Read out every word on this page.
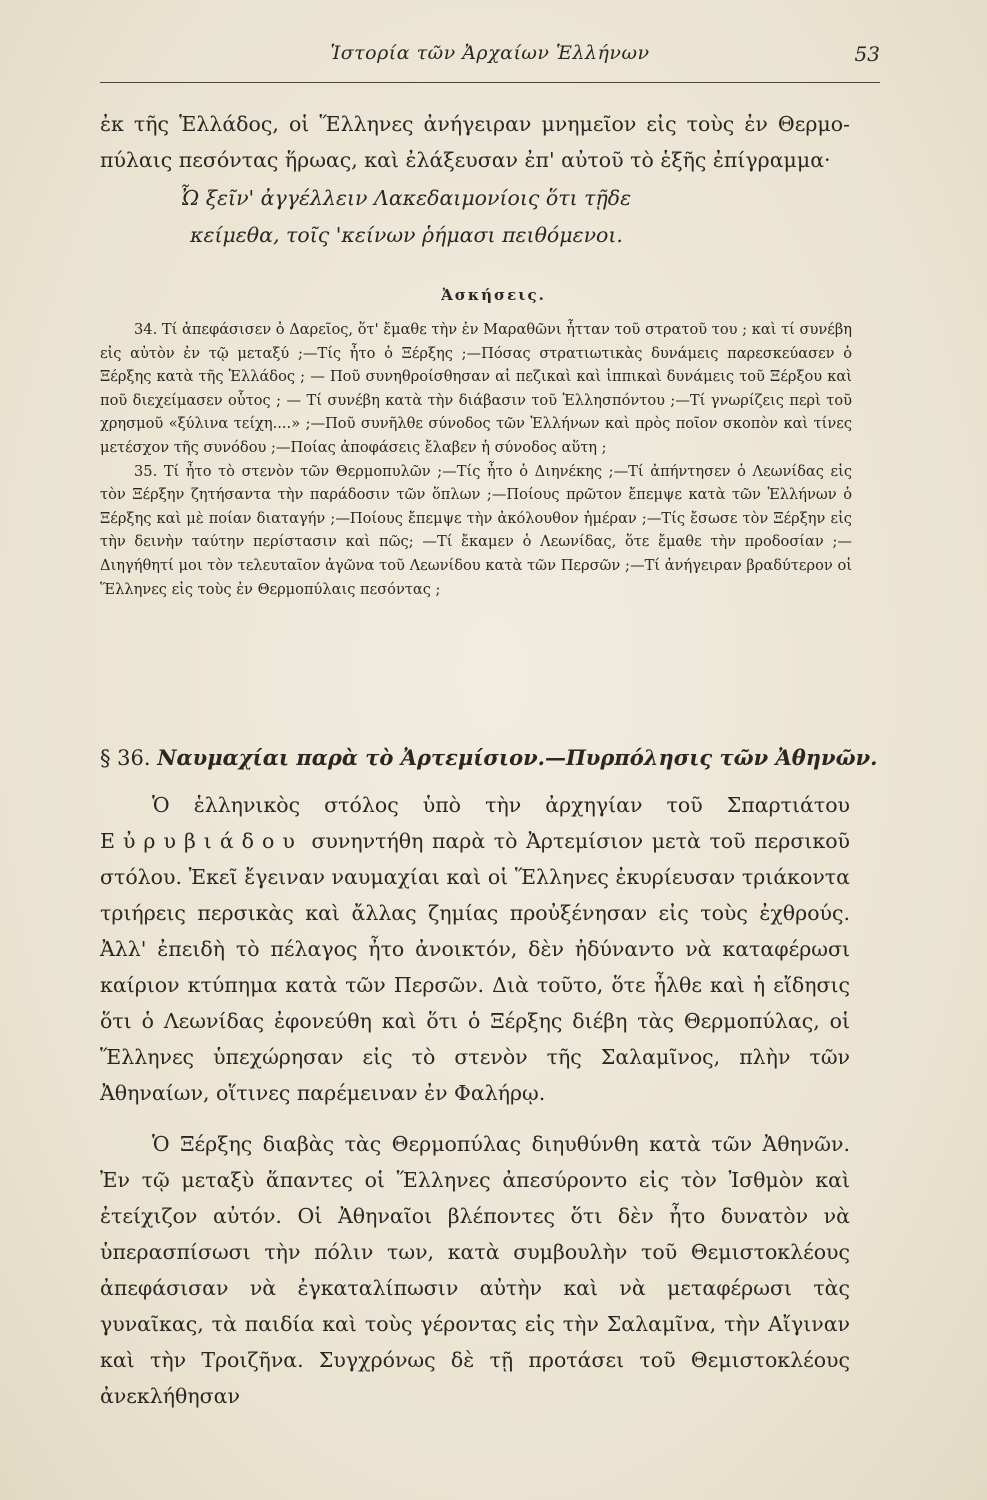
Ἱστορία τῶν Ἀρχαίων Ἑλλήνων	53

ἐκ τῆς Ἑλλάδος, οἱ Ἕλληνες ἀνήγειραν μνημεῖον εἰς τοὺς ἐν Θερμο-πύλαις πεσόντας ἥρωας, καὶ ἐλάξευσαν ἐπ' αὐτοῦ τὸ ἑξῆς ἐπίγραμμα·

Ὦ ξεῖν' ἀγγέλλειν Λακεδαιμονίοις ὅτι τῇδε
κείμεθα, τοῖς 'κείνων ῥήμασι πειθόμενοι.
Ἀσκήσεις.

34. Τί ἀπεφάσισεν ὁ Δαρεῖος, ὅτ' ἔμαθε τὴν ἐν Μαραθῶνι ἧτταν τοῦ στρατοῦ του ; καὶ τί συνέβη εἰς αὐτὸν ἐν τῷ μεταξύ ;—Τίς ἦτο ὁ Ξέρξης ;—Πόσας στρατιωτικὰς δυνάμεις παρεσκεύασεν ὁ Ξέρξης κατὰ τῆς Ἑλλάδος ; — Ποῦ συνηθροίσθησαν αἱ πεζικαὶ καὶ ἱππικαὶ δυνάμεις τοῦ Ξέρξου καὶ ποῦ διεχείμασεν οὗτος ; — Τί συνέβη κατὰ τὴν διάβασιν τοῦ Ἑλλησπόντου ;—Τί γνωρίζεις περὶ τοῦ χρησμοῦ «ξύλινα τείχη....» ;—Ποῦ συνῆλθε σύνοδος τῶν Ἑλλήνων καὶ πρὸς ποῖον σκοπὸν καὶ τίνες μετέσχον τῆς συνόδου ;—Ποίας ἀποφάσεις ἔλαβεν ἡ σύνοδος αὕτη ;

35. Τί ἦτο τὸ στενὸν τῶν Θερμοπυλῶν ;—Τίς ἦτο ὁ Διηνέκης ;—Τί ἀπήντησεν ὁ Λεωνίδας εἰς τὸν Ξέρξην ζητήσαντα τὴν παράδοσιν τῶν ὅπλων ;—Ποίους πρῶτον ἔπεμψε κατὰ τῶν Ἑλλήνων ὁ Ξέρξης καὶ μὲ ποίαν διαταγήν ;—Ποίους ἔπεμψε τὴν ἀκόλουθον ἡμέραν ;—Τίς ἔσωσε τὸν Ξέρξην εἰς τὴν δεινὴν ταύτην περίστασιν καὶ πῶς; —Τί ἔκαμεν ὁ Λεωνίδας, ὅτε ἔμαθε τὴν προδοσίαν ;—Διηγήθητί μοι τὸν τελευταῖον ἀγῶνα τοῦ Λεωνίδου κατὰ τῶν Περσῶν ;—Τί ἀνήγειραν βραδύτερον οἱ Ἕλληνες εἰς τοὺς ἐν Θερμοπύλαις πεσόντας ;

§ 36. Ναυμαχίαι παρὰ τὸ Ἀρτεμίσιον.—Πυρπόλησις τῶν Ἀθηνῶν.

Ὁ ἑλληνικὸς στόλος ὑπὸ τὴν ἀρχηγίαν τοῦ Σπαρτιάτου Εὐρυβιάδου συνηντήθη παρὰ τὸ Ἀρτεμίσιον μετὰ τοῦ περσικοῦ στόλου. Ἐκεῖ ἔγειναν ναυμαχίαι καὶ οἱ Ἕλληνες ἐκυρίευσαν τριάκοντα τριήρεις περσικὰς καὶ ἄλλας ζημίας προὐξένησαν εἰς τοὺς ἐχθρούς. Ἀλλ' ἐπειδὴ τὸ πέλαγος ἦτο ἀνοικτόν, δὲν ἠδύναντο νὰ καταφέρωσι καίριον κτύπημα κατὰ τῶν Περσῶν. Διὰ τοῦτο, ὅτε ἦλθε καὶ ἡ εἴδησις ὅτι ὁ Λεωνίδας ἐφονεύθη καὶ ὅτι ὁ Ξέρξης διέβη τὰς Θερμοπύλας, οἱ Ἕλληνες ὑπεχώρησαν εἰς τὸ στενὸν τῆς Σαλαμῖνος, πλὴν τῶν Ἀθηναίων, οἵτινες παρέμειναν ἐν Φαλήρῳ.

Ὁ Ξέρξης διαβὰς τὰς Θερμοπύλας διηυθύνθη κατὰ τῶν Ἀθηνῶν. Ἐν τῷ μεταξὺ ἅπαντες οἱ Ἕλληνες ἀπεσύροντο εἰς τὸν Ἰσθμὸν καὶ ἐτείχιζον αὐτόν. Οἱ Ἀθηναῖοι βλέποντες ὅτι δὲν ἦτο δυνατὸν νὰ ὑπερασπίσωσι τὴν πόλιν των, κατὰ συμβουλὴν τοῦ Θεμιστοκλέους ἀπεφάσισαν νὰ ἐγκαταλίπωσιν αὐτὴν καὶ νὰ μεταφέρωσι τὰς γυναῖκας, τὰ παιδία καὶ τοὺς γέροντας εἰς τὴν Σαλαμῖνα, τὴν Αἴγιναν καὶ τὴν Τροιζῆνα. Συγχρόνως δὲ τῇ προτάσει τοῦ Θεμιστοκλέους ἀνεκλήθησαν
